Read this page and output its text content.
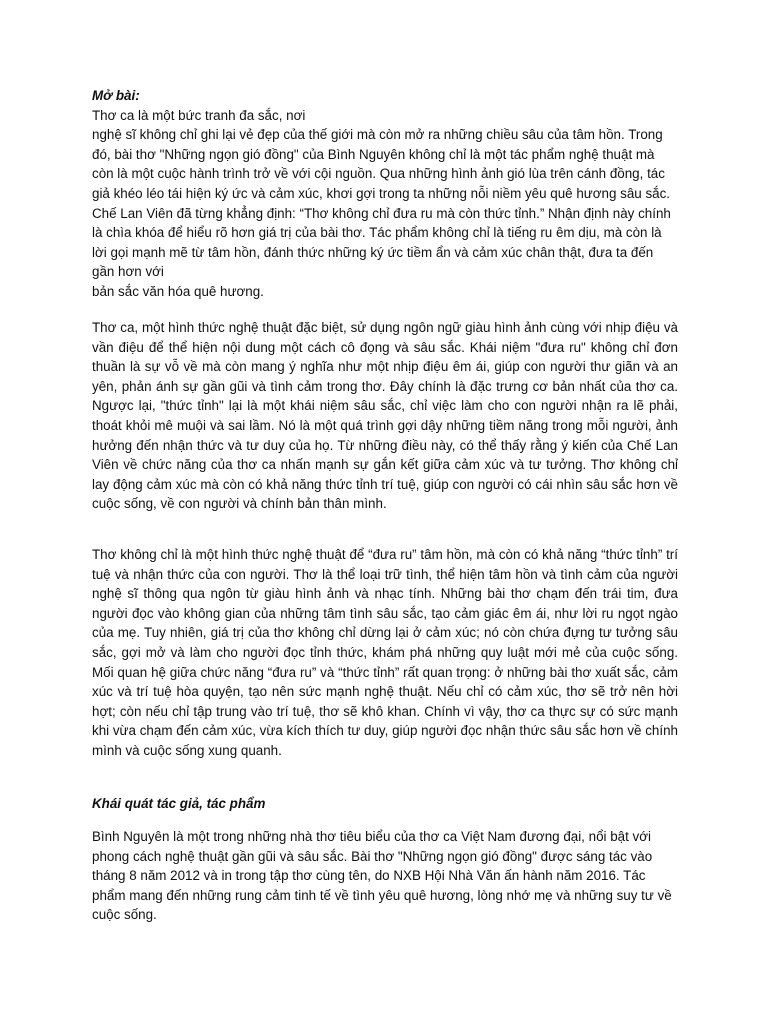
Mở bài:

Thơ ca là một bức tranh đa sắc, nơi

nghệ sĩ không chỉ ghi lại vẻ đẹp của thế giới mà còn mở ra những chiều sâu của tâm hồn. Trong đó, bài thơ "Những ngọn gió đồng" của Bình Nguyên không chỉ là một tác phẩm nghệ thuật mà còn là một cuộc hành trình trở về với cội nguồn. Qua những hình ảnh gió lùa trên cánh đồng, tác giả khéo léo tái hiện ký ức và cảm xúc, khơi gợi trong ta những nỗi niềm yêu quê hương sâu sắc. Chế Lan Viên đã từng khẳng định: “Thơ không chỉ đưa ru mà còn thức tỉnh.” Nhận định này chính là chìa khóa để hiểu rõ hơn giá trị của bài thơ. Tác phẩm không chỉ là tiếng ru êm dịu, mà còn là lời gọi mạnh mẽ từ tâm hồn, đánh thức những ký ức tiềm ẩn và cảm xúc chân thật, đưa ta đến gần hơn với

bản sắc văn hóa quê hương.

Thơ ca, một hình thức nghệ thuật đặc biệt, sử dụng ngôn ngữ giàu hình ảnh cùng với nhịp điệu và vần điệu để thể hiện nội dung một cách cô đọng và sâu sắc. Khái niệm "đưa ru" không chỉ đơn thuần là sự vỗ về mà còn mang ý nghĩa như một nhịp điệu êm ái, giúp con người thư giãn và an yên, phản ánh sự gần gũi và tình cảm trong thơ. Đây chính là đặc trưng cơ bản nhất của thơ ca. Ngược lại, "thức tỉnh" lại là một khái niệm sâu sắc, chỉ việc làm cho con người nhận ra lẽ phải, thoát khỏi mê muội và sai lầm. Nó là một quá trình gợi dậy những tiềm năng trong mỗi người, ảnh hưởng đến nhận thức và tư duy của họ. Từ những điều này, có thể thấy rằng ý kiến của Chế Lan Viên về chức năng của thơ ca nhấn mạnh sự gắn kết giữa cảm xúc và tư tưởng. Thơ không chỉ lay động cảm xúc mà còn có khả năng thức tỉnh trí tuệ, giúp con người có cái nhìn sâu sắc hơn về cuộc sống, về con người và chính bản thân mình.

Thơ không chỉ là một hình thức nghệ thuật để “đưa ru” tâm hồn, mà còn có khả năng “thức tỉnh” trí tuệ và nhận thức của con người. Thơ là thể loại trữ tình, thể hiện tâm hồn và tình cảm của người nghệ sĩ thông qua ngôn từ giàu hình ảnh và nhạc tính. Những bài thơ chạm đến trái tim, đưa người đọc vào không gian của những tâm tình sâu sắc, tạo cảm giác êm ái, như lời ru ngọt ngào của mẹ. Tuy nhiên, giá trị của thơ không chỉ dừng lại ở cảm xúc; nó còn chứa đựng tư tưởng sâu sắc, gợi mở và làm cho người đọc tỉnh thức, khám phá những quy luật mới mẻ của cuộc sống. Mối quan hệ giữa chức năng “đưa ru” và “thức tỉnh” rất quan trọng: ở những bài thơ xuất sắc, cảm xúc và trí tuệ hòa quyện, tạo nên sức mạnh nghệ thuật. Nếu chỉ có cảm xúc, thơ sẽ trở nên hời hợt; còn nếu chỉ tập trung vào trí tuệ, thơ sẽ khô khan. Chính vì vậy, thơ ca thực sự có sức mạnh khi vừa chạm đến cảm xúc, vừa kích thích tư duy, giúp người đọc nhận thức sâu sắc hơn về chính mình và cuộc sống xung quanh.

Khái quát tác giả, tác phẩm

Bình Nguyên là một trong những nhà thơ tiêu biểu của thơ ca Việt Nam đương đại, nổi bật với phong cách nghệ thuật gần gũi và sâu sắc. Bài thơ "Những ngọn gió đồng" được sáng tác vào tháng 8 năm 2012 và in trong tập thơ cùng tên, do NXB Hội Nhà Văn ấn hành năm 2016. Tác phẩm mang đến những rung cảm tinh tế về tình yêu quê hương, lòng nhớ mẹ và những suy tư về cuộc sống.
